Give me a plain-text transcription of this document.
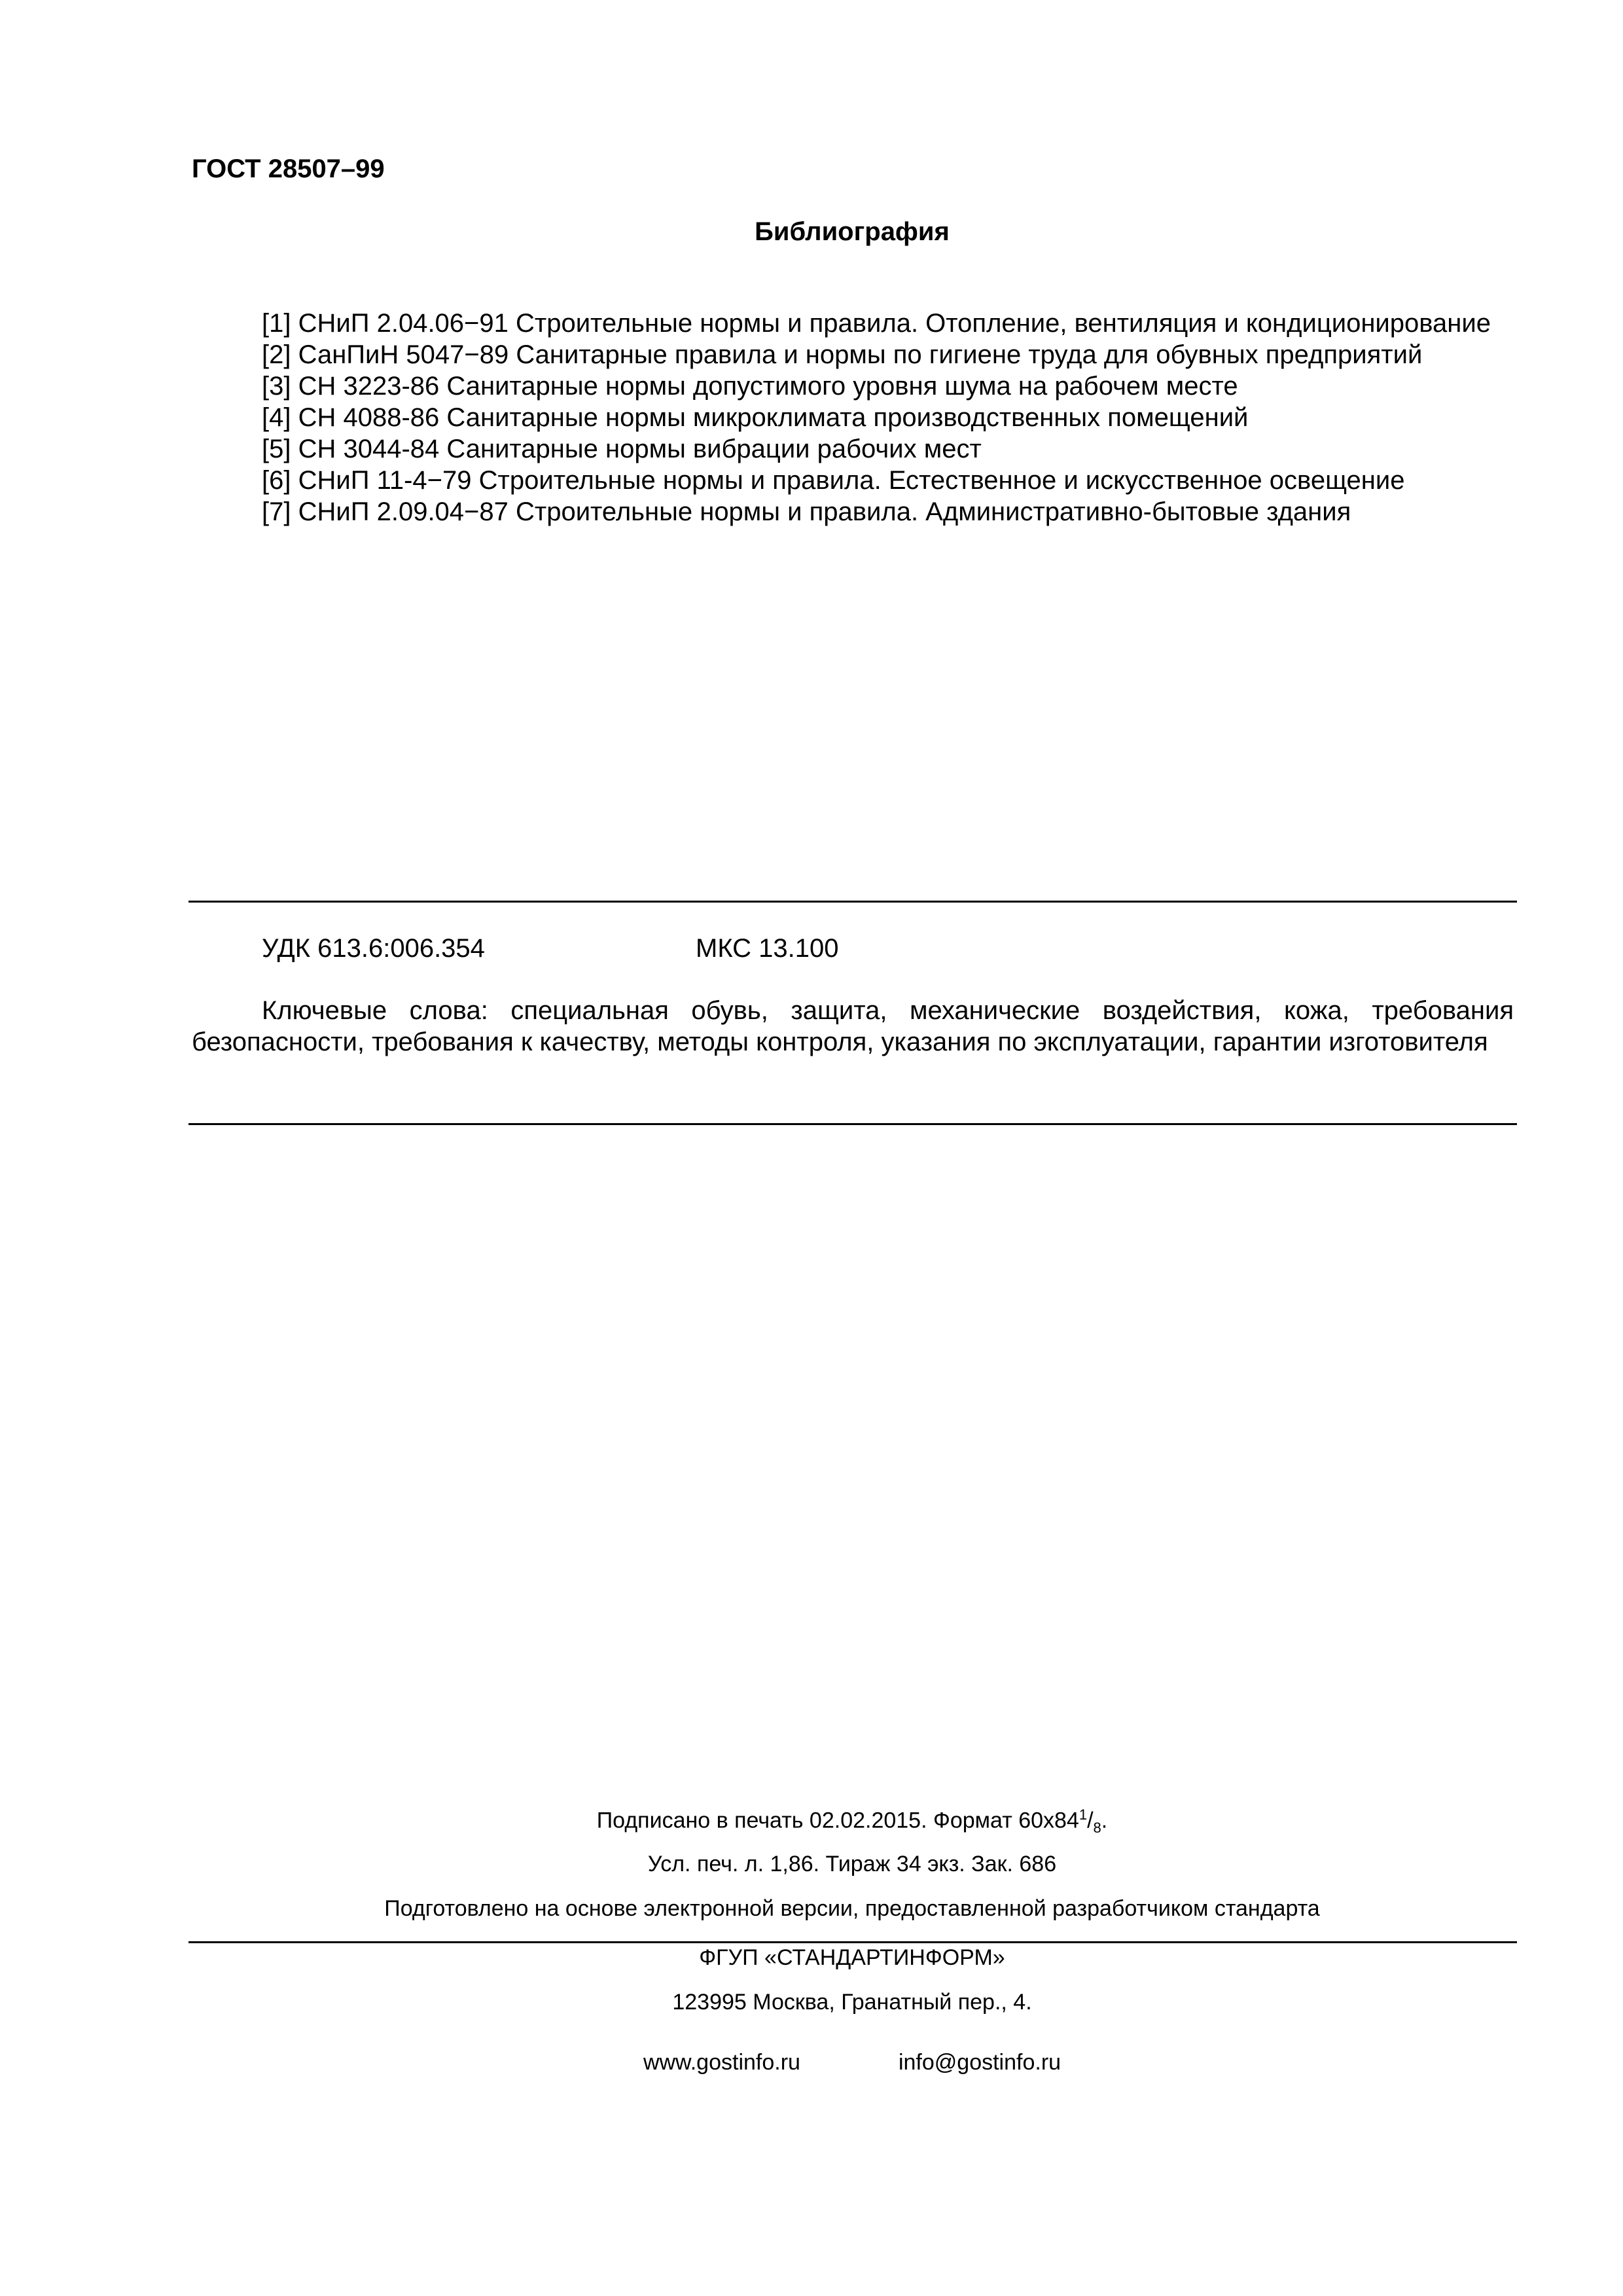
ГОСТ 28507–99
Библиография
[1] СНиП 2.04.06−91 Строительные нормы и правила. Отопление, вентиляция и кондиционирование
[2] СанПиН 5047−89 Санитарные правила и нормы по гигиене труда для обувных предприятий
[3] СН 3223-86 Санитарные нормы допустимого уровня шума на рабочем месте
[4] СН 4088-86 Санитарные нормы микроклимата производственных помещений
[5] СН 3044-84 Санитарные нормы вибрации рабочих мест
[6] СНиП 11-4−79 Строительные нормы и правила. Естественное и искусственное освещение
[7] СНиП 2.09.04−87 Строительные нормы и правила. Административно-бытовые здания
УДК 613.6:006.354	МКС 13.100
Ключевые слова: специальная обувь, защита, механические воздействия, кожа, требования безопасности, требования к качеству, методы контроля, указания по эксплуатации, гарантии изготовителя
Подписано в печать 02.02.2015. Формат $60х84^1/_8$.
Усл. печ. л. 1,86. Тираж 34 экз. Зак. 686
Подготовлено на основе электронной версии, предоставленной разработчиком стандарта
ФГУП «СТАНДАРТИНФОРМ»
123995 Москва, Гранатный пер., 4.
www.gostinfo.ru	info@gostinfo.ru
